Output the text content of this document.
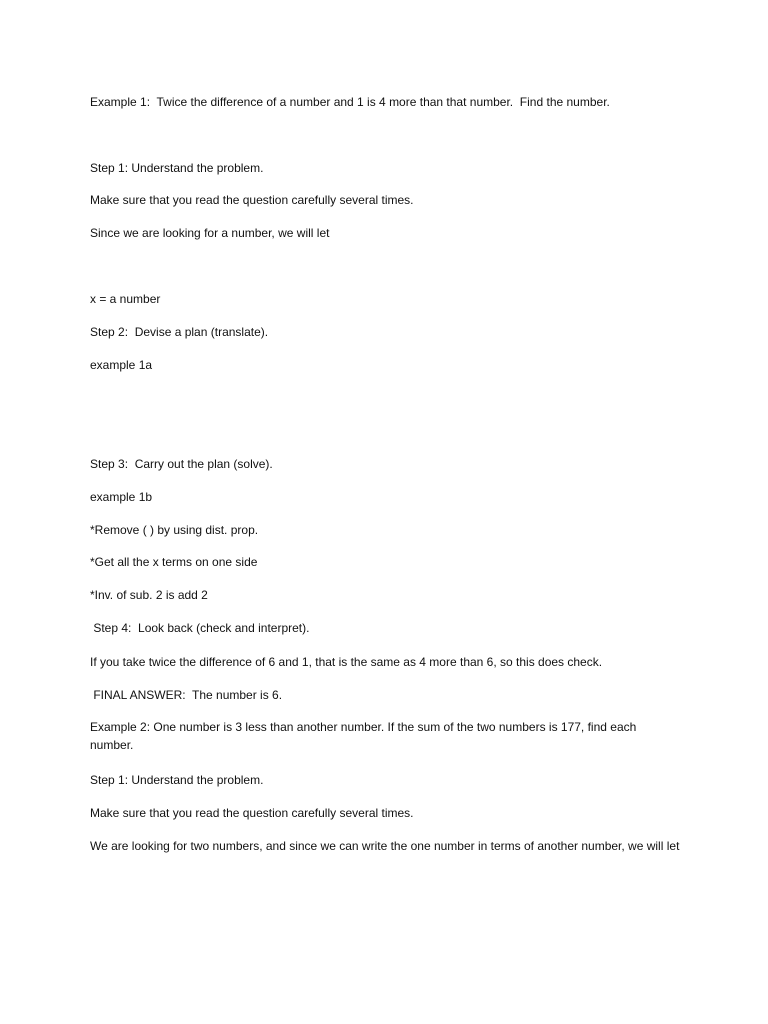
Example 1:  Twice the difference of a number and 1 is 4 more than that number.  Find the number.
Step 1: Understand the problem.
Make sure that you read the question carefully several times.
Since we are looking for a number, we will let
x = a number
Step 2:  Devise a plan (translate).
example 1a
Step 3:  Carry out the plan (solve).
example 1b
*Remove ( ) by using dist. prop.
*Get all the x terms on one side
*Inv. of sub. 2 is add 2
Step 4:  Look back (check and interpret).
If you take twice the difference of 6 and 1, that is the same as 4 more than 6, so this does check.
FINAL ANSWER:  The number is 6.
Example 2: One number is 3 less than another number. If the sum of the two numbers is 177, find each number.
Step 1: Understand the problem.
Make sure that you read the question carefully several times.
We are looking for two numbers, and since we can write the one number in terms of another number, we will let
